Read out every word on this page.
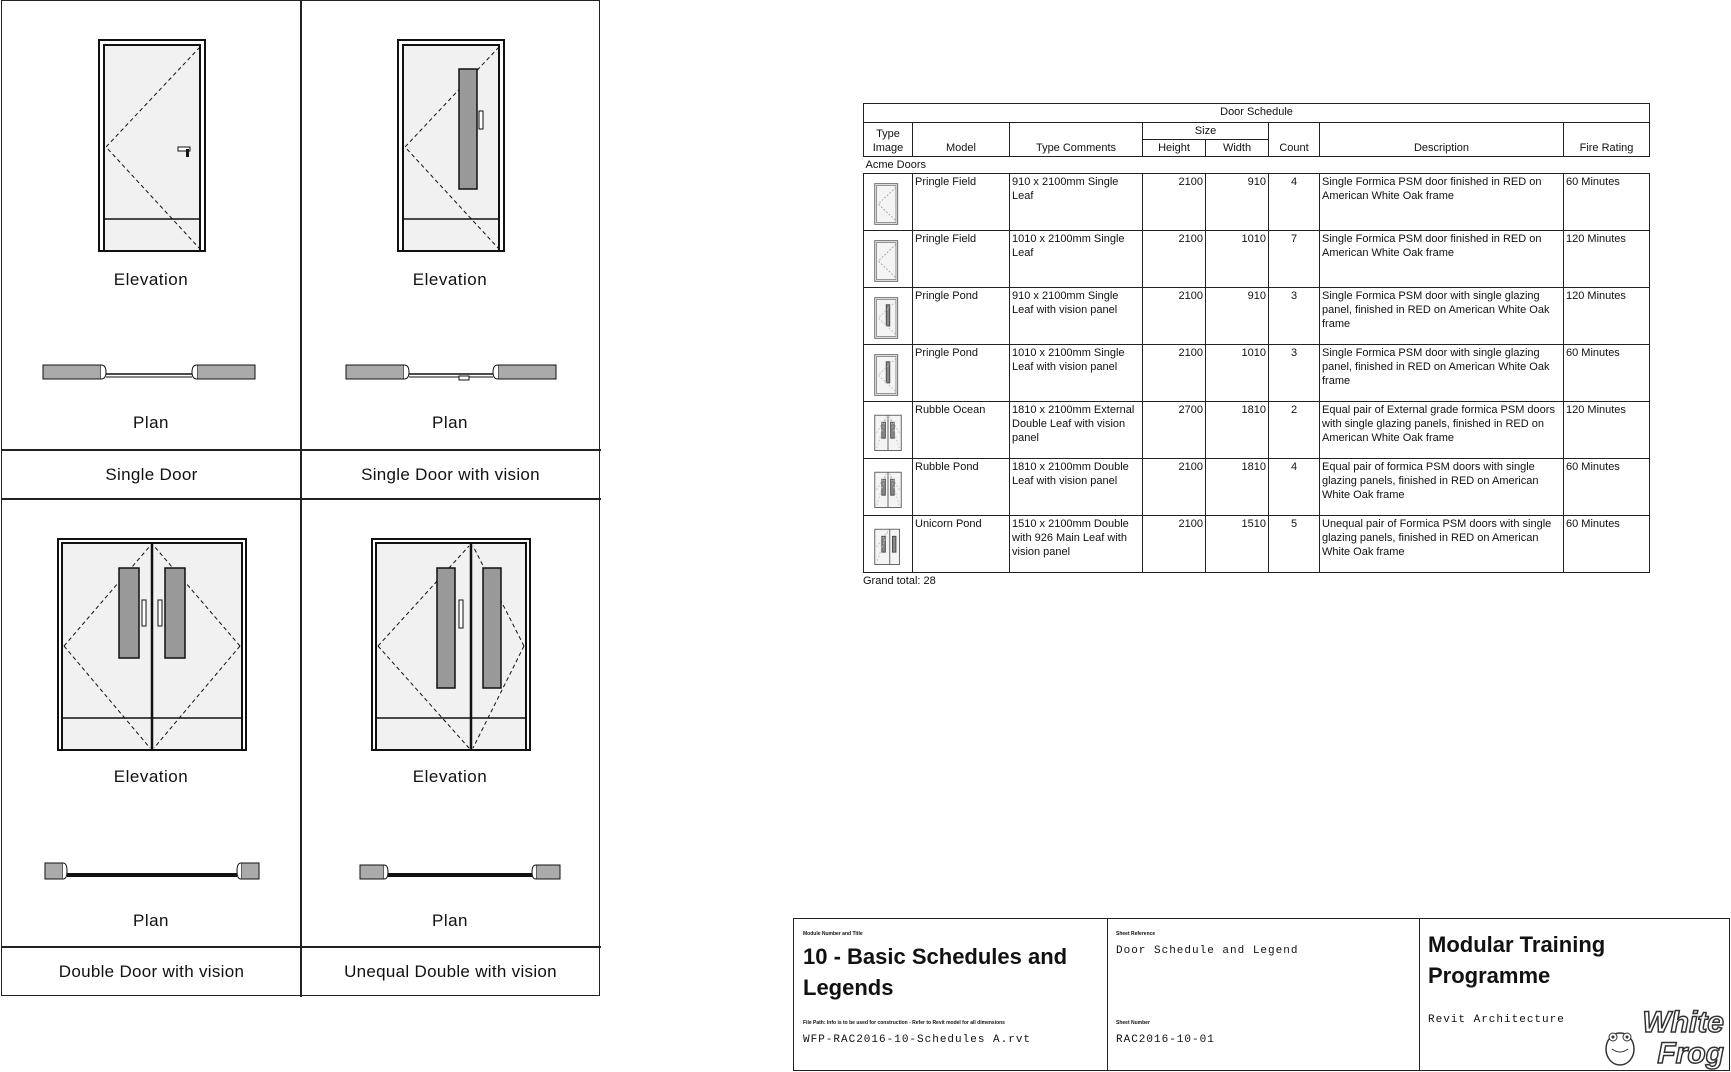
Elevation
Plan
Elevation
Plan
Single Door	Single Door with vision
Elevation
Plan
Elevation
Plan
Double Door with vision	Unequal Double with vision
Door Schedule							
Type Image	Model	Type Comments	Size		Count	Description	Fire Rating
			Height	Width			
Acme Doors							

	Pringle Field	910 x 2100mm Single Leaf	2100	910	4	Single Formica PSM door finished in RED on American White Oak frame	60 Minutes

	Pringle Field	1010 x 2100mm Single Leaf	2100	1010	7	Single Formica PSM door finished in RED on American White Oak frame	120 Minutes

	Pringle Pond	910 x 2100mm Single Leaf with vision panel	2100	910	3	Single Formica PSM door with single glazing panel, finished in RED on American White Oak frame	120 Minutes

	Pringle Pond	1010 x 2100mm Single Leaf with vision panel	2100	1010	3	Single Formica PSM door with single glazing panel, finished in RED on American White Oak frame	60 Minutes

	Rubble Ocean	1810 x 2100mm External Double Leaf with vision panel	2700	1810	2	Equal pair of External grade formica PSM doors with single glazing panels, finished in RED on American White Oak frame	120 Minutes

	Rubble Pond	1810 x 2100mm Double Leaf with vision panel	2100	1810	4	Equal pair of formica PSM doors with single glazing panels, finished in RED on American White Oak frame	60 Minutes

	Unicorn Pond	1510 x 2100mm Double with 926 Main Leaf with vision panel	2100	1510	5	Unequal pair of Formica PSM doors with single glazing panels, finished in RED on American White Oak frame	60 Minutes
Grand total: 28
Module Number and Title
10 - Basic Schedules and Legends
File Path: Info is to be used for construction - Refer to Revit model for all dimensions
WFP-RAC2016-10-Schedules A.rvt
Sheet Reference
Door Schedule and Legend
Sheet Number
RAC2016-10-01
Modular Training Programme
Revit Architecture	White Frog
